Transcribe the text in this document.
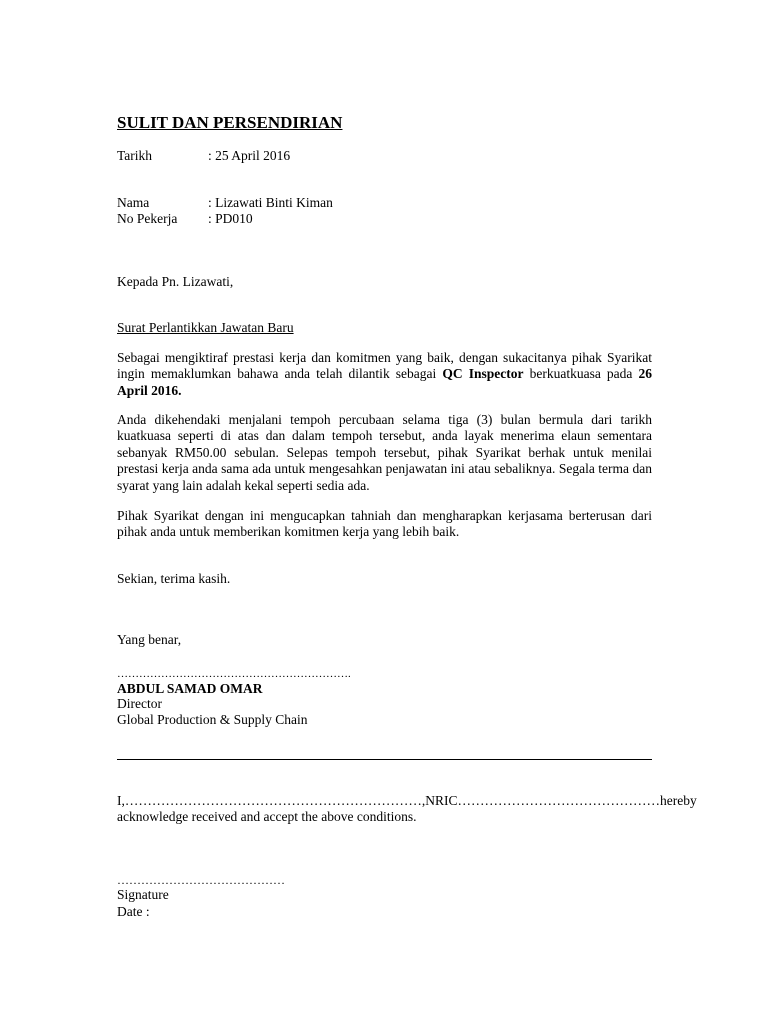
SULIT DAN PERSENDIRIAN
Tarikh	: 25 April 2016
Nama	: Lizawati Binti Kiman
No Pekerja : PD010
Kepada Pn. Lizawati,
Surat Perlantikkan Jawatan Baru
Sebagai mengiktiraf prestasi kerja dan komitmen yang baik, dengan sukacitanya pihak Syarikat ingin memaklumkan bahawa anda telah dilantik sebagai QC Inspector berkuatkuasa pada 26 April 2016.
Anda dikehendaki menjalani tempoh percubaan selama tiga (3) bulan bermula dari tarikh kuatkuasa seperti di atas dan dalam tempoh tersebut, anda layak menerima elaun sementara sebanyak RM50.00 sebulan. Selepas tempoh tersebut, pihak Syarikat berhak untuk menilai prestasi kerja anda sama ada untuk mengesahkan penjawatan ini atau sebaliknya. Segala terma dan syarat yang lain adalah kekal seperti sedia ada.
Pihak Syarikat dengan ini mengucapkan tahniah dan mengharapkan kerjasama berterusan dari pihak anda untuk memberikan komitmen kerja yang lebih baik.
Sekian, terima kasih.
Yang benar,
……………………………………………………….
ABDUL SAMAD OMAR
Director
Global Production & Supply Chain
I, …………………………………………………………, NRIC ……………………………………… hereby
acknowledge received and accept the above conditions.
……………………………………
Signature
Date :
